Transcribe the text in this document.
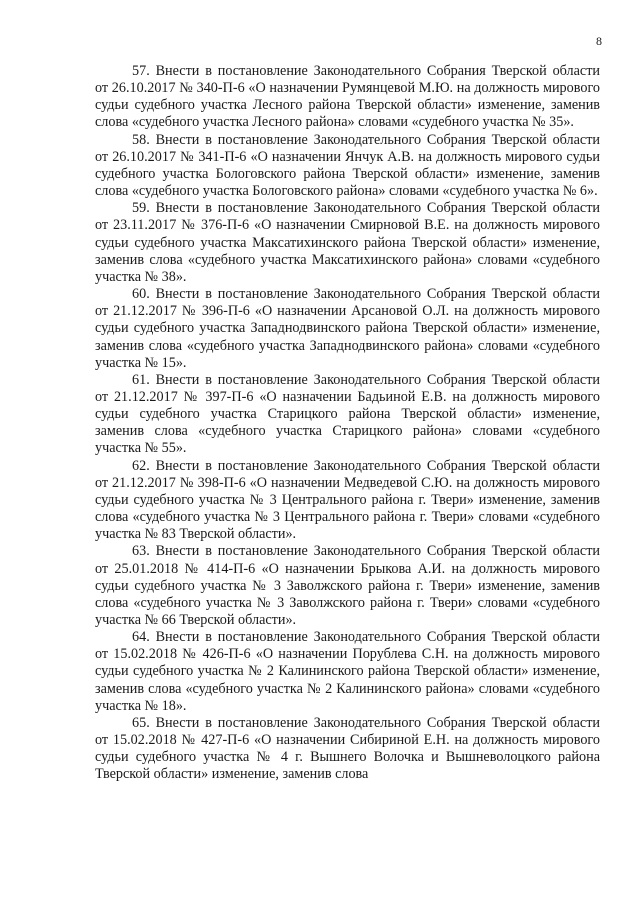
8

57. Внести в постановление Законодательного Собрания Тверской области от 26.10.2017 № 340-П-6 «О назначении Румянцевой М.Ю. на должность мирового судьи судебного участка Лесного района Тверской области» изменение, заменив слова «судебного участка Лесного района» словами «судебного участка № 35».

58. Внести в постановление Законодательного Собрания Тверской области от 26.10.2017 № 341-П-6 «О назначении Янчук А.В. на должность мирового судьи судебного участка Бологовского района Тверской области» изменение, заменив слова «судебного участка Бологовского района» словами «судебного участка № 6».

59. Внести в постановление Законодательного Собрания Тверской области от 23.11.2017 № 376-П-6 «О назначении Смирновой В.Е. на должность мирового судьи судебного участка Максатихинского района Тверской области» изменение, заменив слова «судебного участка Максатихинского района» словами «судебного участка № 38».

60. Внести в постановление Законодательного Собрания Тверской области от 21.12.2017 № 396-П-6 «О назначении Арсановой О.Л. на должность мирового судьи судебного участка Западнодвинского района Тверской области» изменение, заменив слова «судебного участка Западнодвинского района» словами «судебного участка № 15».

61. Внести в постановление Законодательного Собрания Тверской области от 21.12.2017 № 397-П-6 «О назначении Бадьиной Е.В. на должность мирового судьи судебного участка Старицкого района Тверской области» изменение, заменив слова «судебного участка Старицкого района» словами «судебного участка № 55».

62. Внести в постановление Законодательного Собрания Тверской области от 21.12.2017 № 398-П-6 «О назначении Медведевой С.Ю. на должность мирового судьи судебного участка № 3 Центрального района г. Твери» изменение, заменив слова «судебного участка № 3 Центрального района г. Твери» словами «судебного участка № 83 Тверской области».

63. Внести в постановление Законодательного Собрания Тверской области от 25.01.2018 № 414-П-6 «О назначении Брыкова А.И. на должность мирового судьи судебного участка № 3 Заволжского района г. Твери» изменение, заменив слова «судебного участка № 3 Заволжского района г. Твери» словами «судебного участка № 66 Тверской области».

64. Внести в постановление Законодательного Собрания Тверской области от 15.02.2018 № 426-П-6 «О назначении Порублева С.Н. на должность мирового судьи судебного участка № 2 Калининского района Тверской области» изменение, заменив слова «судебного участка № 2 Калининского района» словами «судебного участка № 18».

65. Внести в постановление Законодательного Собрания Тверской области от 15.02.2018 № 427-П-6 «О назначении Сибириной Е.Н. на должность мирового судьи судебного участка № 4 г. Вышнего Волочка и Вышневолоцкого района Тверской области» изменение, заменив слова
